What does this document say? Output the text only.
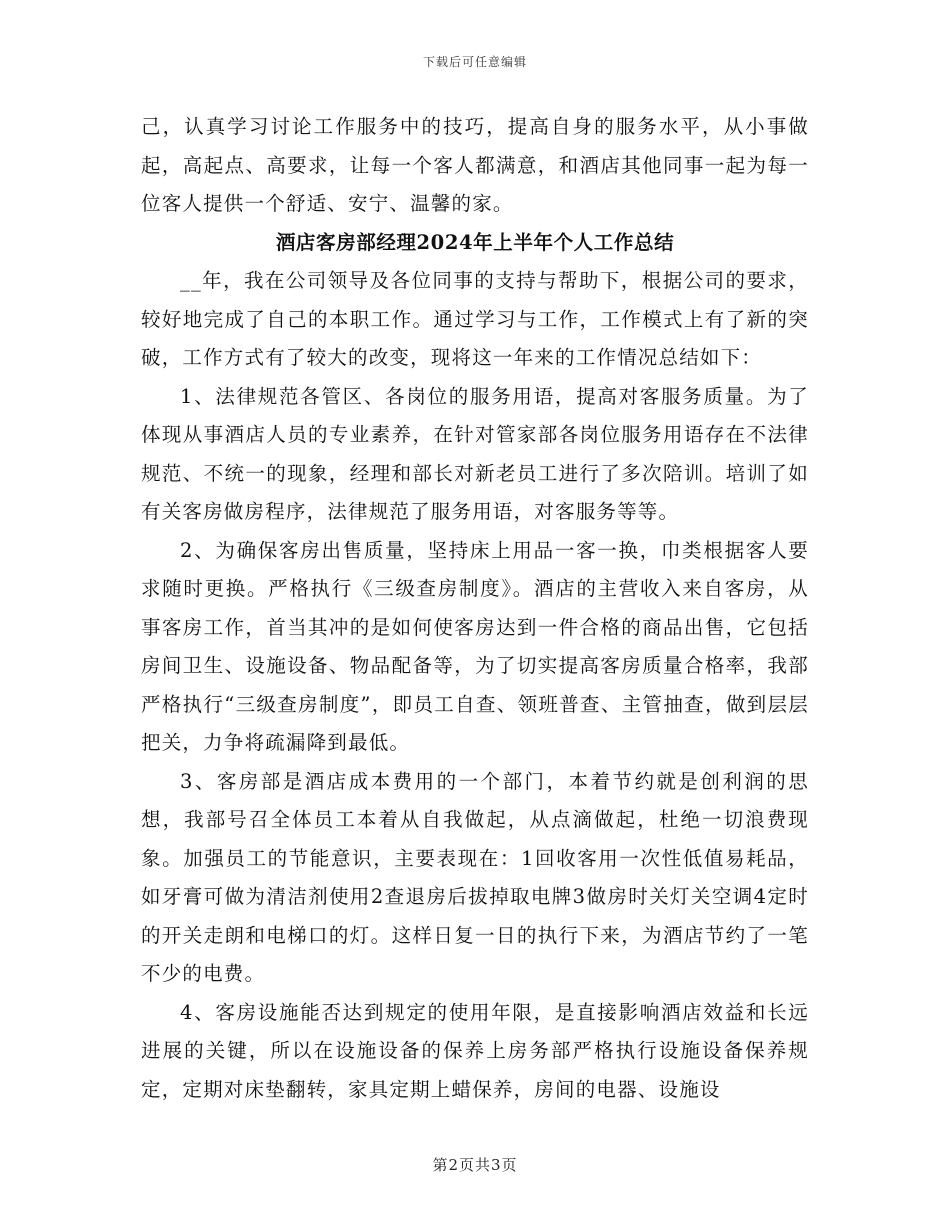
下载后可任意编辑

己，认真学习讨论工作服务中的技巧，提高自身的服务水平，从小事做起，高起点、高要求，让每一个客人都满意，和酒店其他同事一起为每一位客人提供一个舒适、安宁、温馨的家。

酒店客房部经理2024年上半年个人工作总结

__年，我在公司领导及各位同事的支持与帮助下，根据公司的要求，较好地完成了自己的本职工作。通过学习与工作，工作模式上有了新的突破，工作方式有了较大的改变，现将这一年来的工作情况总结如下：

1、法律规范各管区、各岗位的服务用语，提高对客服务质量。为了体现从事酒店人员的专业素养，在针对管家部各岗位服务用语存在不法律规范、不统一的现象，经理和部长对新老员工进行了多次陪训。培训了如有关客房做房程序，法律规范了服务用语，对客服务等等。

2、为确保客房出售质量，坚持床上用品一客一换，巾类根据客人要求随时更换。严格执行《三级查房制度》。酒店的主营收入来自客房，从事客房工作，首当其冲的是如何使客房达到一件合格的商品出售，它包括房间卫生、设施设备、物品配备等，为了切实提高客房质量合格率，我部严格执行“三级查房制度”，即员工自查、领班普查、主管抽查，做到层层把关，力争将疏漏降到最低。

3、客房部是酒店成本费用的一个部门，本着节约就是创利润的思想，我部号召全体员工本着从自我做起，从点滴做起，杜绝一切浪费现象。加强员工的节能意识，主要表现在：1回收客用一次性低值易耗品，如牙膏可做为清洁剂使用2查退房后拔掉取电牌3做房时关灯关空调4定时的开关走朗和电梯口的灯。这样日复一日的执行下来，为酒店节约了一笔不少的电费。

4、客房设施能否达到规定的使用年限，是直接影响酒店效益和长远进展的关键，所以在设施设备的保养上房务部严格执行设施设备保养规定，定期对床垫翻转，家具定期上蜡保养，房间的电器、设施设

第2页共3页
